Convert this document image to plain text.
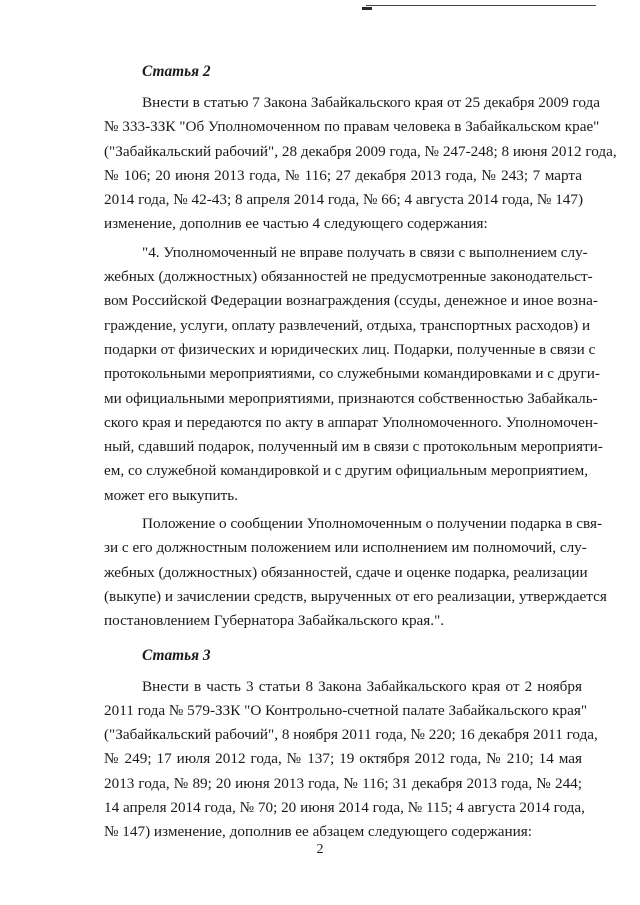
Статья 2
Внести в статью 7 Закона Забайкальского края от 25 декабря 2009 года
№ 333-ЗЗК "Об Уполномоченном по правам человека в Забайкальском крае"
("Забайкальский рабочий", 28 декабря 2009 года, № 247-248; 8 июня 2012 года,
№ 106; 20 июня 2013 года, № 116; 27 декабря 2013 года, № 243; 7 марта
2014 года, № 42-43; 8 апреля 2014 года, № 66; 4 августа 2014 года, № 147)
изменение, дополнив ее частью 4 следующего содержания:
"4. Уполномоченный не вправе получать в связи с выполнением слу-
жебных (должностных) обязанностей не предусмотренные законодательст-
вом Российской Федерации вознаграждения (ссуды, денежное и иное возна-
граждение, услуги, оплату развлечений, отдыха, транспортных расходов) и
подарки от физических и юридических лиц. Подарки, полученные в связи с
протокольными мероприятиями, со служебными командировками и с други-
ми официальными мероприятиями, признаются собственностью Забайкаль-
ского края и передаются по акту в аппарат Уполномоченного. Уполномочен-
ный, сдавший подарок, полученный им в связи с протокольным мероприяти-
ем, со служебной командировкой и с другим официальным мероприятием,
может его выкупить.
Положение о сообщении Уполномоченным о получении подарка в свя-
зи с его должностным положением или исполнением им полномочий, слу-
жебных (должностных) обязанностей, сдаче и оценке подарка, реализации
(выкупе) и зачислении средств, вырученных от его реализации, утверждается
постановлением Губернатора Забайкальского края.".
Статья 3
Внести в часть 3 статьи 8 Закона Забайкальского края от 2 ноября
2011 года № 579-ЗЗК "О Контрольно-счетной палате Забайкальского края"
("Забайкальский рабочий", 8 ноября 2011 года, № 220; 16 декабря 2011 года,
№ 249; 17 июля 2012 года, № 137; 19 октября 2012 года, № 210; 14 мая
2013 года, № 89; 20 июня 2013 года, № 116; 31 декабря 2013 года, № 244;
14 апреля 2014 года, № 70; 20 июня 2014 года, № 115; 4 августа 2014 года,
№ 147) изменение, дополнив ее абзацем следующего содержания:
2
